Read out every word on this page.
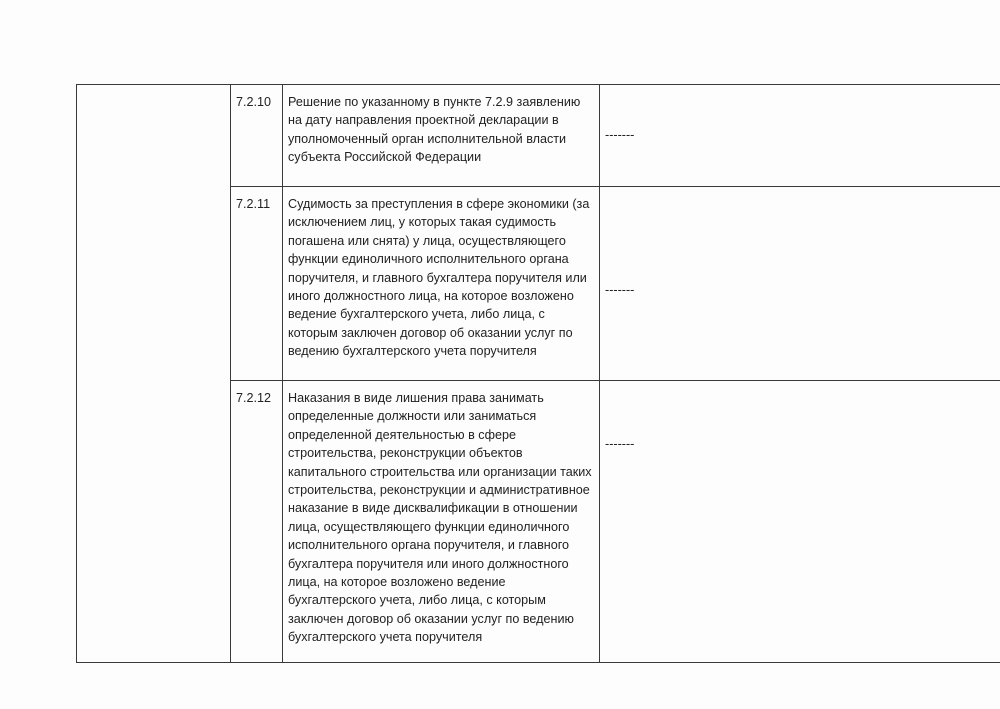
	7.2.10	Решение по указанному в пункте 7.2.9 заявлению на дату направления проектной декларации в уполномоченный орган исполнительной власти субъекта Российской Федерации	-------

	7.2.11	Судимость за преступления в сфере экономики (за исключением лиц, у которых такая судимость погашена или снята) у лица, осуществляющего функции единоличного исполнительного органа поручителя, и главного бухгалтера поручителя или иного должностного лица, на которое возложено ведение бухгалтерского учета, либо лица, с которым заключен договор об оказании услуг по ведению бухгалтерского учета поручителя	-------

	7.2.12	Наказания в виде лишения права занимать определенные должности или заниматься определенной деятельностью в сфере строительства, реконструкции объектов капитального строительства или организации таких строительства, реконструкции и административное наказание в виде дисквалификации в отношении лица, осуществляющего функции единоличного исполнительного органа поручителя, и главного бухгалтера поручителя или иного должностного лица, на которое возложено ведение бухгалтерского учета, либо лица, с которым заключен договор об оказании услуг по ведению бухгалтерского учета поручителя	-------
